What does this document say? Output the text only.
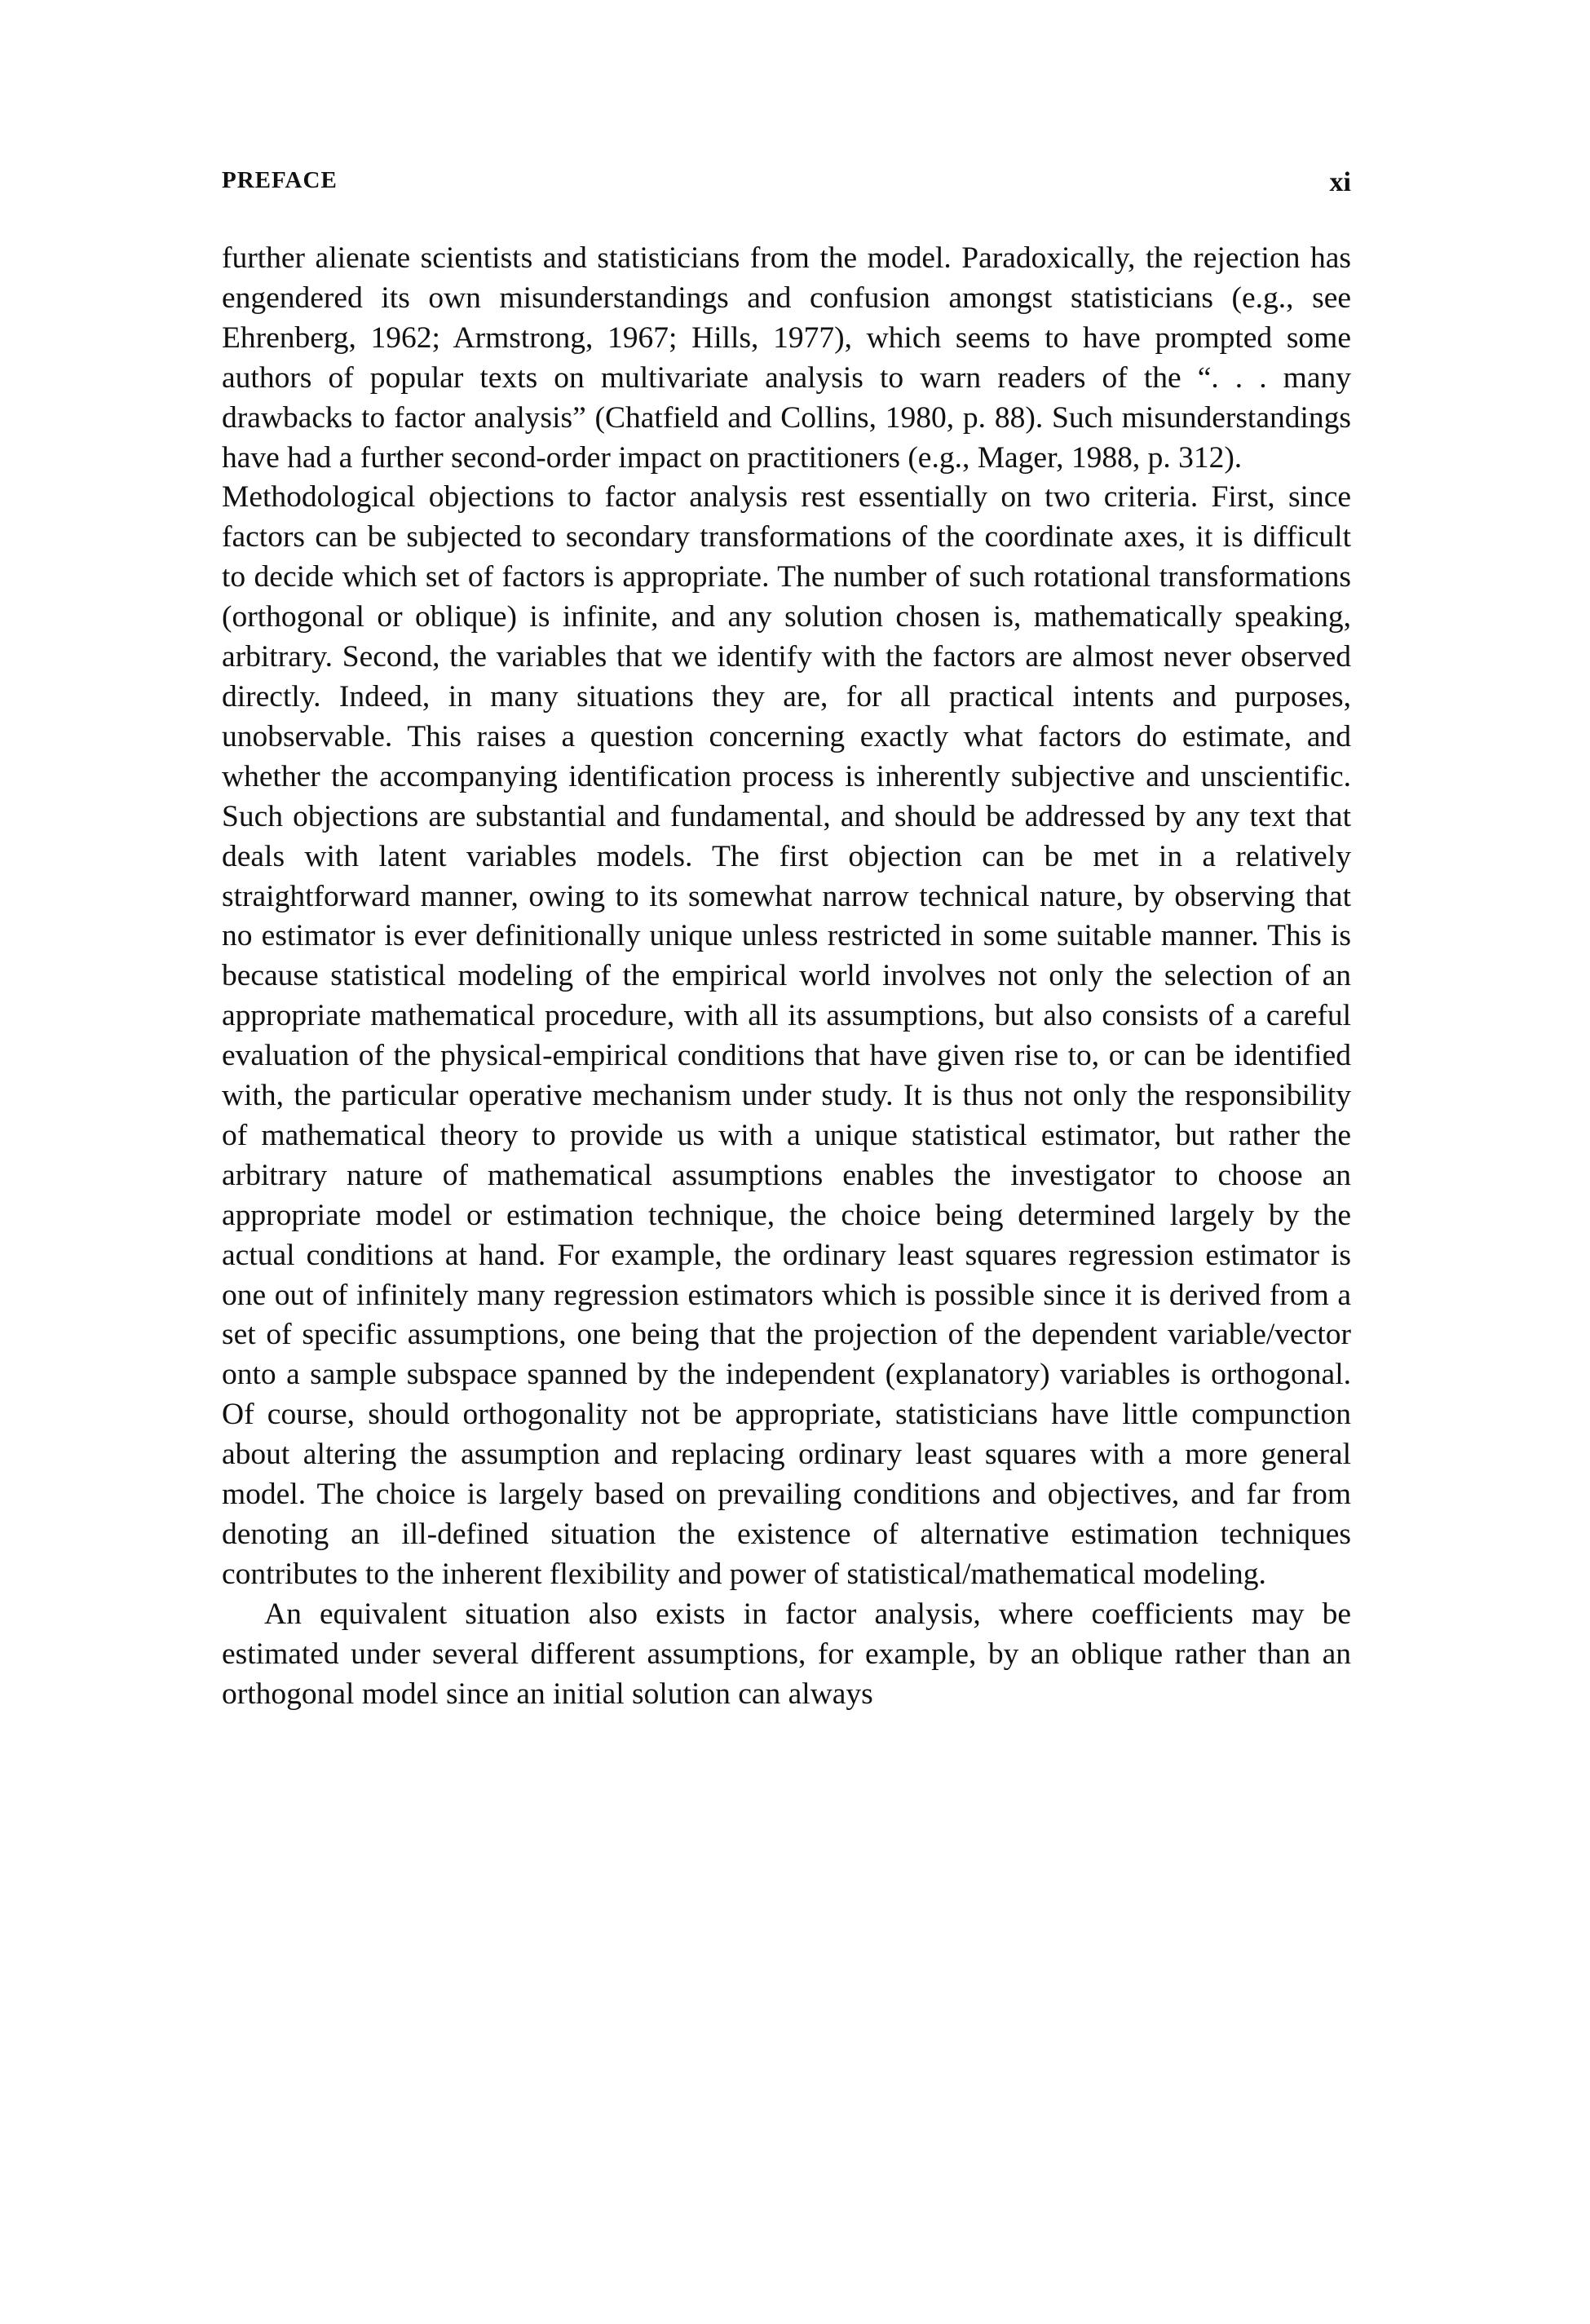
PREFACE	xi

further alienate scientists and statisticians from the model. Paradoxically, the rejection has engendered its own misunderstandings and confusion amongst statisticians (e.g., see Ehrenberg, 1962; Armstrong, 1967; Hills, 1977), which seems to have prompted some authors of popular texts on multivariate analysis to warn readers of the “. . . many drawbacks to factor analysis” (Chatfield and Collins, 1980, p. 88). Such misunderstandings have had a further second-order impact on practitioners (e.g., Mager, 1988, p. 312).

Methodological objections to factor analysis rest essentially on two criteria. First, since factors can be subjected to secondary transformations of the coordinate axes, it is difficult to decide which set of factors is appropriate. The number of such rotational transformations (orthogonal or oblique) is infinite, and any solution chosen is, mathematically speaking, arbitrary. Second, the variables that we identify with the factors are almost never observed directly. Indeed, in many situations they are, for all practical intents and purposes, unobservable. This raises a question concerning exactly what factors do estimate, and whether the accompanying identification process is inherently subjective and unscientific. Such objections are substantial and fundamental, and should be addressed by any text that deals with latent variables models. The first objection can be met in a relatively straightforward manner, owing to its somewhat narrow technical nature, by observing that no estimator is ever definitionally unique unless restricted in some suitable manner. This is because statistical modeling of the empirical world involves not only the selection of an appropriate mathematical procedure, with all its assumptions, but also consists of a careful evaluation of the physical-empirical conditions that have given rise to, or can be identified with, the particular operative mechanism under study. It is thus not only the responsibility of mathematical theory to provide us with a unique statistical estimator, but rather the arbitrary nature of mathematical assumptions enables the investigator to choose an appropriate model or estimation technique, the choice being determined largely by the actual conditions at hand. For example, the ordinary least squares regression estimator is one out of infinitely many regression estimators which is possible since it is derived from a set of specific assumptions, one being that the projection of the dependent variable/vector onto a sample subspace spanned by the independent (explanatory) variables is orthogonal. Of course, should orthogonality not be appropriate, statisticians have little compunction about altering the assumption and replacing ordinary least squares with a more general model. The choice is largely based on prevailing conditions and objectives, and far from denoting an ill-defined situation the existence of alternative estimation techniques contributes to the inherent flexibility and power of statistical/mathematical modeling.

An equivalent situation also exists in factor analysis, where coefficients may be estimated under several different assumptions, for example, by an oblique rather than an orthogonal model since an initial solution can always
